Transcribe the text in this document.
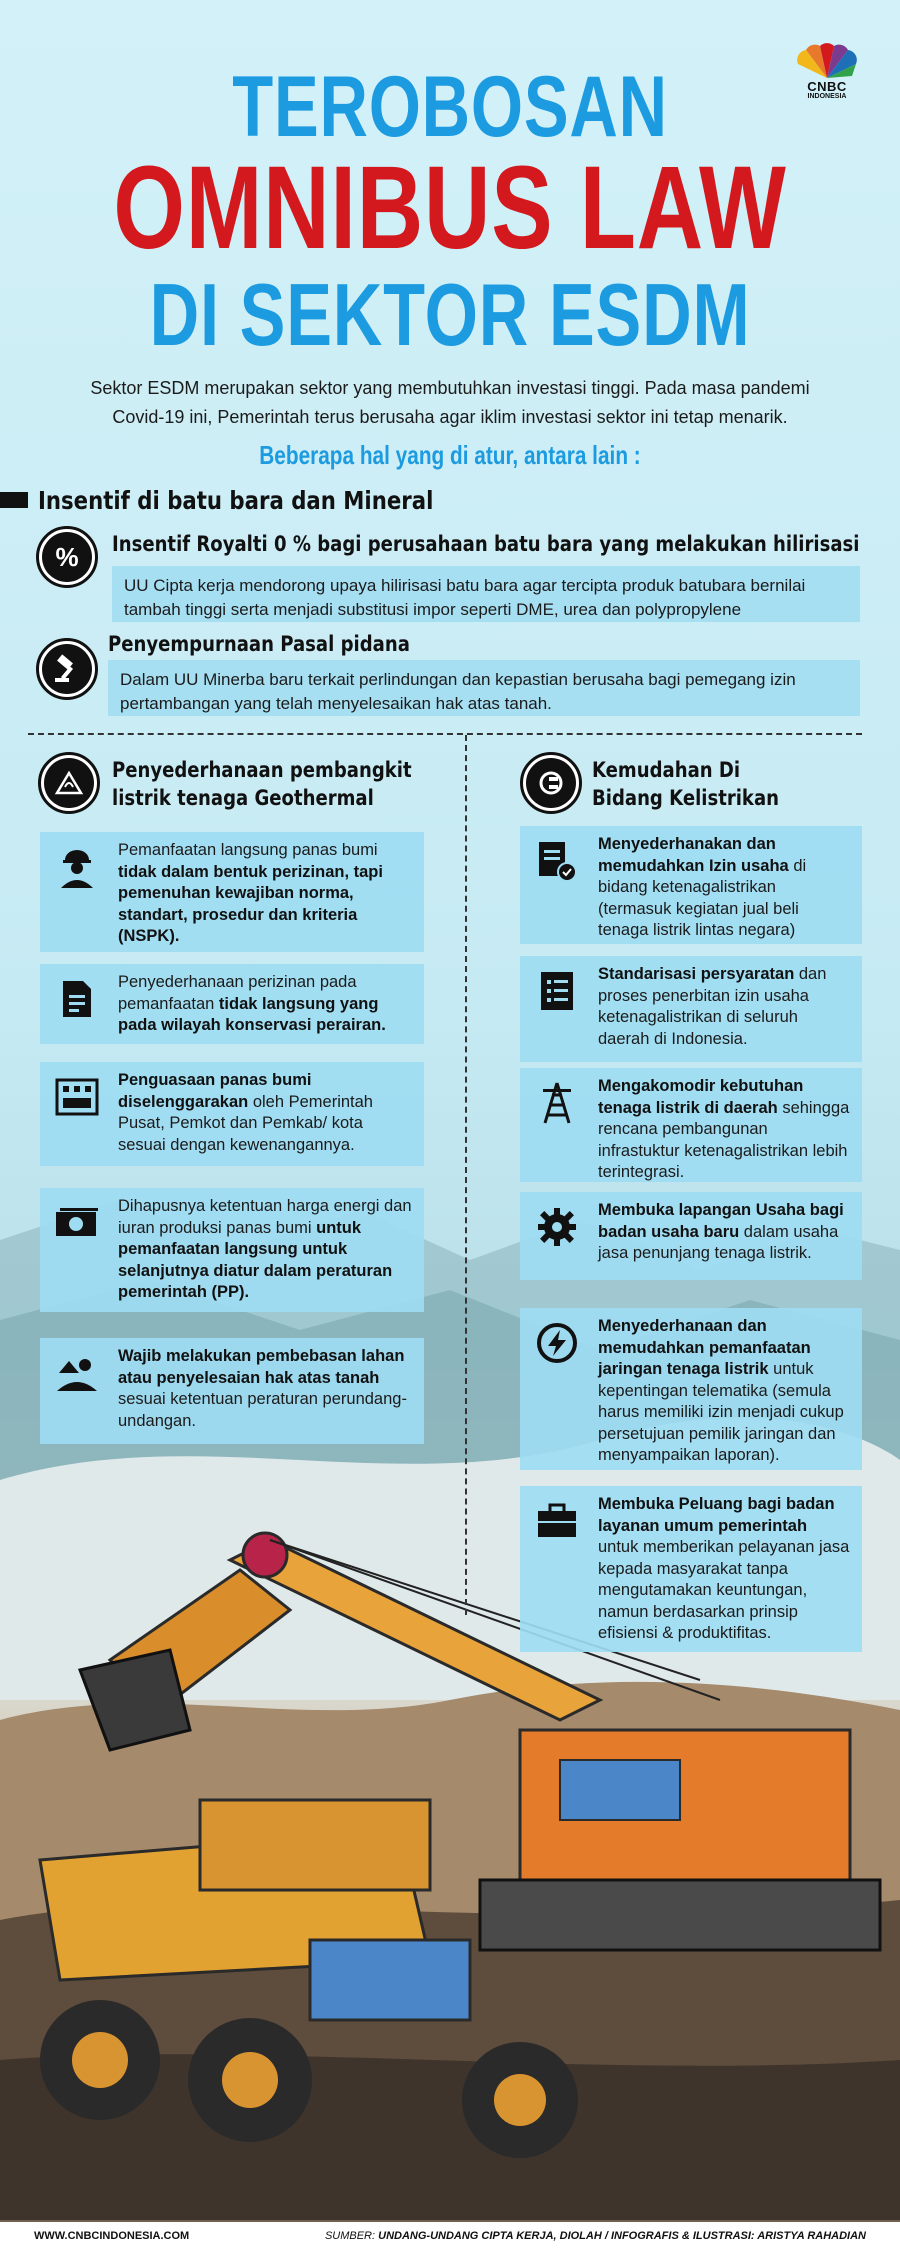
CNBC
INDONESIA
TEROBOSAN
OMNIBUS LAW
DI SEKTOR ESDM
Sektor ESDM merupakan sektor yang membutuhkan investasi tinggi. Pada masa pandemi
Covid-19 ini, Pemerintah terus berusaha agar iklim investasi sektor ini tetap menarik.
Beberapa hal yang di atur, antara lain :
Insentif di batu bara dan Mineral
%	Insentif Royalti 0 % bagi perusahaan batu bara yang melakukan hilirisasi
UU Cipta kerja mendorong upaya hilirisasi batu bara agar tercipta produk batubara bernilai tambah tinggi serta menjadi substitusi impor seperti DME, urea dan polypropylene
Penyempurnaan Pasal pidana
Dalam UU Minerba baru terkait perlindungan dan kepastian berusaha bagi pemegang izin pertambangan yang telah menyelesaikan hak atas tanah.
Penyederhanaan pembangkit
listrik tenaga Geothermal
Kemudahan Di
Bidang Kelistrikan
Pemanfaatan langsung panas bumi tidak dalam bentuk perizinan, tapi pemenuhan kewajiban norma, standart, prosedur dan kriteria (NSPK).
Penyederhanaan perizinan pada pemanfaatan tidak langsung yang pada wilayah konservasi perairan.
Penguasaan panas bumi diselenggarakan oleh Pemerintah Pusat, Pemkot dan Pemkab/ kota sesuai dengan kewenangannya.
Dihapusnya ketentuan harga energi dan iuran produksi panas bumi untuk pemanfaatan langsung untuk selanjutnya diatur dalam peraturan pemerintah (PP).
Wajib melakukan pembebasan lahan atau penyelesaian hak atas tanah sesuai ketentuan peraturan perundang-undangan.
Menyederhanakan dan memudahkan Izin usaha di bidang ketenagalistrikan (termasuk kegiatan jual beli tenaga listrik lintas negara)
Standarisasi persyaratan dan proses penerbitan izin usaha ketenagalistrikan di seluruh daerah di Indonesia.
Mengakomodir kebutuhan tenaga listrik di daerah sehingga rencana pembangunan infrastuktur ketenagalistrikan lebih terintegrasi.
Membuka lapangan Usaha bagi badan usaha baru dalam usaha jasa penunjang tenaga listrik.
Menyederhanaan dan memudahkan pemanfaatan jaringan tenaga listrik untuk kepentingan telematika (semula harus memiliki izin menjadi cukup persetujuan pemilik jaringan dan menyampaikan laporan).
Membuka Peluang bagi badan layanan umum pemerintah untuk memberikan pelayanan jasa kepada masyarakat tanpa mengutamakan keuntungan, namun berdasarkan prinsip efisiensi & produktifitas.
WWW.CNBCINDONESIA.COM	SUMBER: UNDANG-UNDANG CIPTA KERJA, DIOLAH / INFOGRAFIS & ILUSTRASI: ARISTYA RAHADIAN
